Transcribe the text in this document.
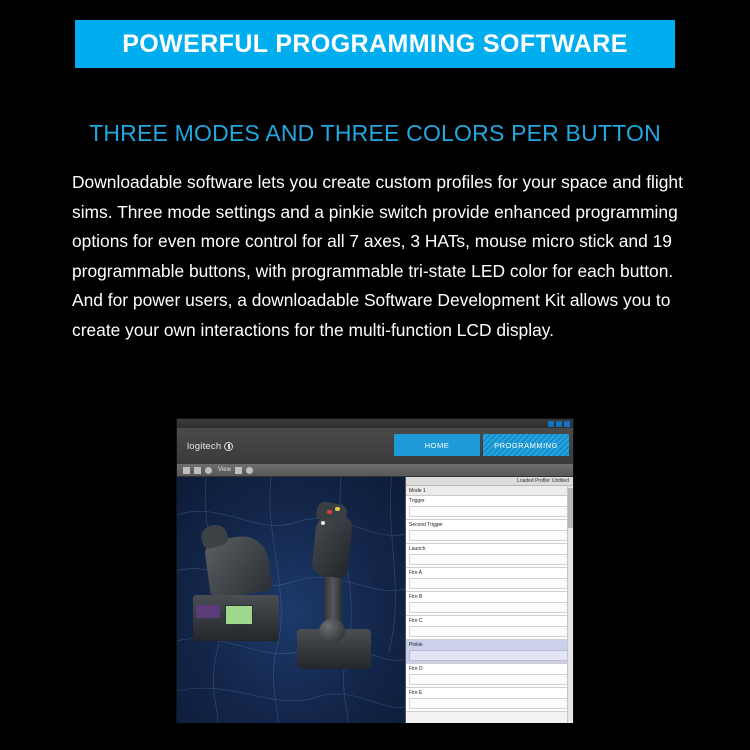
POWERFUL PROGRAMMING SOFTWARE
THREE MODES AND THREE COLORS PER BUTTON
Downloadable software lets you create custom profiles for your space and flight sims. Three mode settings and a pinkie switch provide enhanced programming options for even more control for all 7 axes, 3 HATs, mouse micro stick and 19 programmable buttons, with programmable tri-state LED color for each button. And for power users, a downloadable Software Development Kit allows you to create your own interactions for the multi-function LCD display.
logitech	HOME	PROGRAMMING
View
Loaded Profile: Untitled
Mode 1
Trigger
Second Trigger
Launch
Fire A
Fire B
Fire C
Pinkie
Fire D
Fire E
